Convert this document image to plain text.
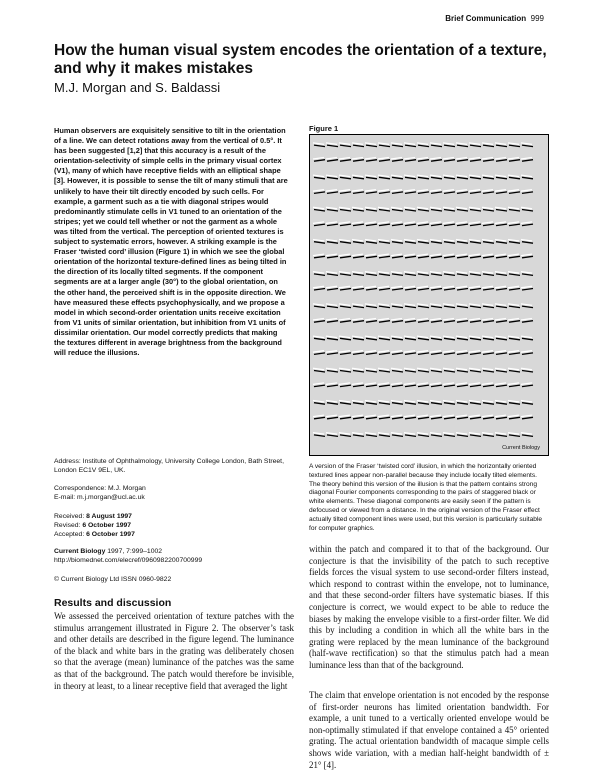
Brief Communication 999
How the human visual system encodes the orientation of a texture, and why it makes mistakes
M.J. Morgan and S. Baldassi

Human observers are exquisitely sensitive to tilt in the orientation of a line. We can detect rotations away from the vertical of 0.5°. It has been suggested [1,2] that this accuracy is a result of the orientation-selectivity of simple cells in the primary visual cortex (V1), many of which have receptive fields with an elliptical shape [3]. However, it is possible to sense the tilt of many stimuli that are unlikely to have their tilt directly encoded by such cells. For example, a garment such as a tie with diagonal stripes would predominantly stimulate cells in V1 tuned to an orientation of the stripes; yet we could tell whether or not the garment as a whole was tilted from the vertical. The perception of oriented textures is subject to systematic errors, however. A striking example is the Fraser ‘twisted cord’ illusion (Figure 1) in which we see the global orientation of the horizontal texture-defined lines as being tilted in the direction of its locally tilted segments. If the component segments are at a larger angle (30°) to the global orientation, on the other hand, the perceived shift is in the opposite direction. We have measured these effects psychophysically, and we propose a model in which second-order orientation units receive excitation from V1 units of similar orientation, but inhibition from V1 units of dissimilar orientation. Our model correctly predicts that making the textures different in average brightness from the background will reduce the illusions.

Address: Institute of Ophthalmology, University College London, Bath Street, London EC1V 9EL, UK.

Correspondence: M.J. Morgan
E-mail: m.j.morgan@ucl.ac.uk
Received: 8 August 1997
Revised: 6 October 1997
Accepted: 6 October 1997
Current Biology 1997, 7:999–1002
http://biomednet.com/elecref/0960982200700999

© Current Biology Ltd ISSN 0960-9822

Results and discussion

We assessed the perceived orientation of texture patches with the stimulus arrangement illustrated in Figure 2. The observer’s task and other details are described in the figure legend. The luminance of the black and white bars in the grating was deliberately chosen so that the average (mean) luminance of the patches was the same as that of the background. The patch would therefore be invisible, in theory at least, to a linear receptive field that averaged the light

Figure 1
Current Biology

A version of the Fraser ‘twisted cord’ illusion, in which the horizontally oriented textured lines appear non-parallel because they include locally tilted elements. The theory behind this version of the illusion is that the pattern contains strong diagonal Fourier components corresponding to the pairs of staggered black or white elements. These diagonal components are easily seen if the pattern is defocused or viewed from a distance. In the original version of the Fraser effect actually tilted component lines were used, but this version is particularly suitable for computer graphics.

within the patch and compared it to that of the background. Our conjecture is that the invisibility of the patch to such receptive fields forces the visual system to use second-order filters instead, which respond to contrast within the envelope, not to luminance, and that these second-order filters have systematic biases. If this conjecture is correct, we would expect to be able to reduce the biases by making the envelope visible to a first-order filter. We did this by including a condition in which all the white bars in the grating were replaced by the mean luminance of the background (half-wave rectification) so that the stimulus patch had a mean luminance less than that of the background.

The claim that envelope orientation is not encoded by the response of first-order neurons has limited orientation bandwidth. For example, a unit tuned to a vertically oriented envelope would be non-optimally stimulated if that envelope contained a 45° oriented grating. The actual orientation bandwidth of macaque simple cells shows wide variation, with a median half-height bandwidth of ± 21° [4].
